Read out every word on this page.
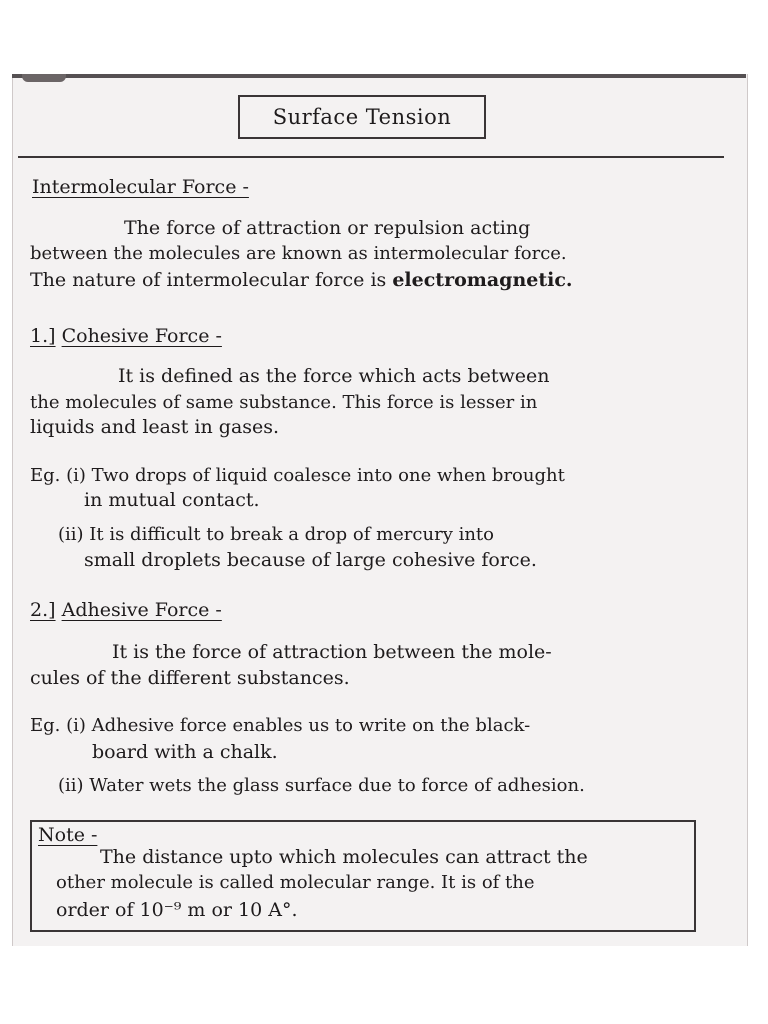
Surface Tension
Intermolecular Force -
The force of attraction or repulsion acting
between the molecules are known as intermolecular force.
The nature of intermolecular force is electromagnetic.
1.] Cohesive Force -
It is defined as the force which acts between
the molecules of same substance. This force is lesser in
liquids and least in gases.
Eg. (i) Two drops of liquid coalesce into one when brought
in mutual contact.
(ii) It is difficult to break a drop of mercury into
small droplets because of large cohesive force.
2.] Adhesive Force -
It is the force of attraction between the mole-
cules of the different substances.
Eg. (i) Adhesive force enables us to write on the black-
board with a chalk.
(ii) Water wets the glass surface due to force of adhesion.
Note -
The distance upto which molecules can attract the
other molecule is called molecular range. It is of the
order of 10⁻⁹ m or 10 A°.
